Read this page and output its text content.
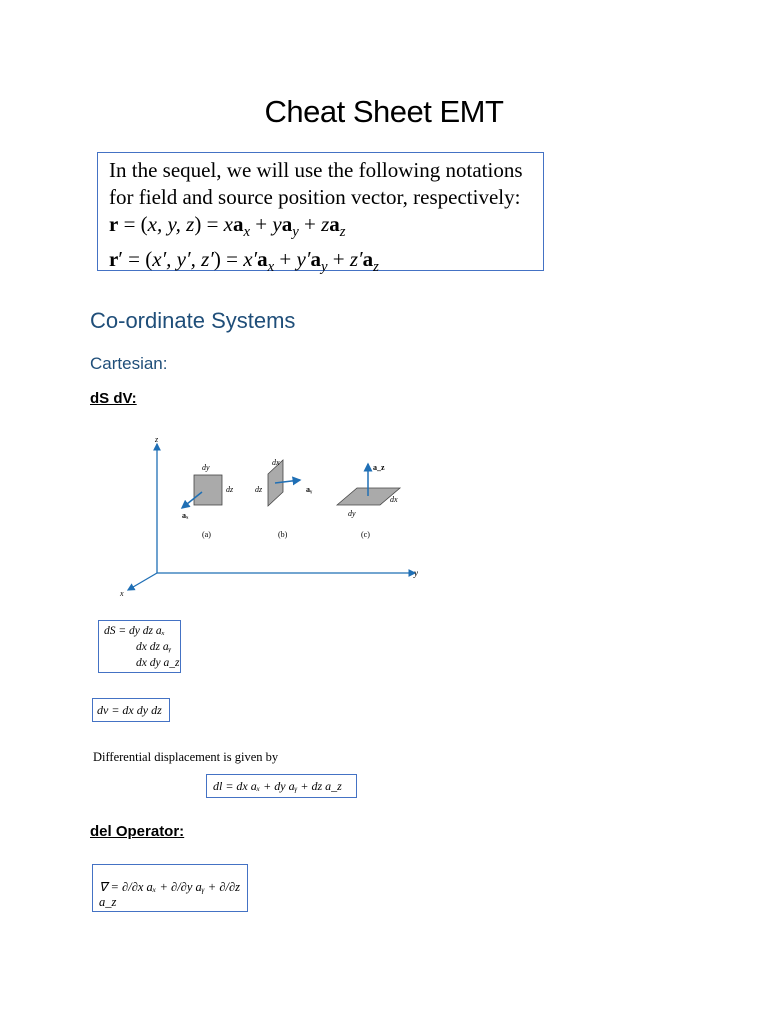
Cheat Sheet EMT
In the sequel, we will use the following notations
for field and source position vector, respectively:
r = (x, y, $z) = xa_x + ya_y + za_z$
r′ = (x′, y′, $z') = x'a_x + y'a_y + z'a_z$
Co-ordinate Systems
Cartesian:
dS dV:
z
y
x
dy
dz
aₓ
(a)
dx
dz	aᵧ
(b)
a_z
dx
dy
(c)
dS = dy dz aₓ
dx dz aᵧ
dx dy a_z
dv = dx dy dz
Differential displacement is given by
dl = dx aₓ + dy aᵧ + dz a_z
del Operator:
∇ = ∂/∂x aₓ + ∂/∂y aᵧ + ∂/∂z a_z
